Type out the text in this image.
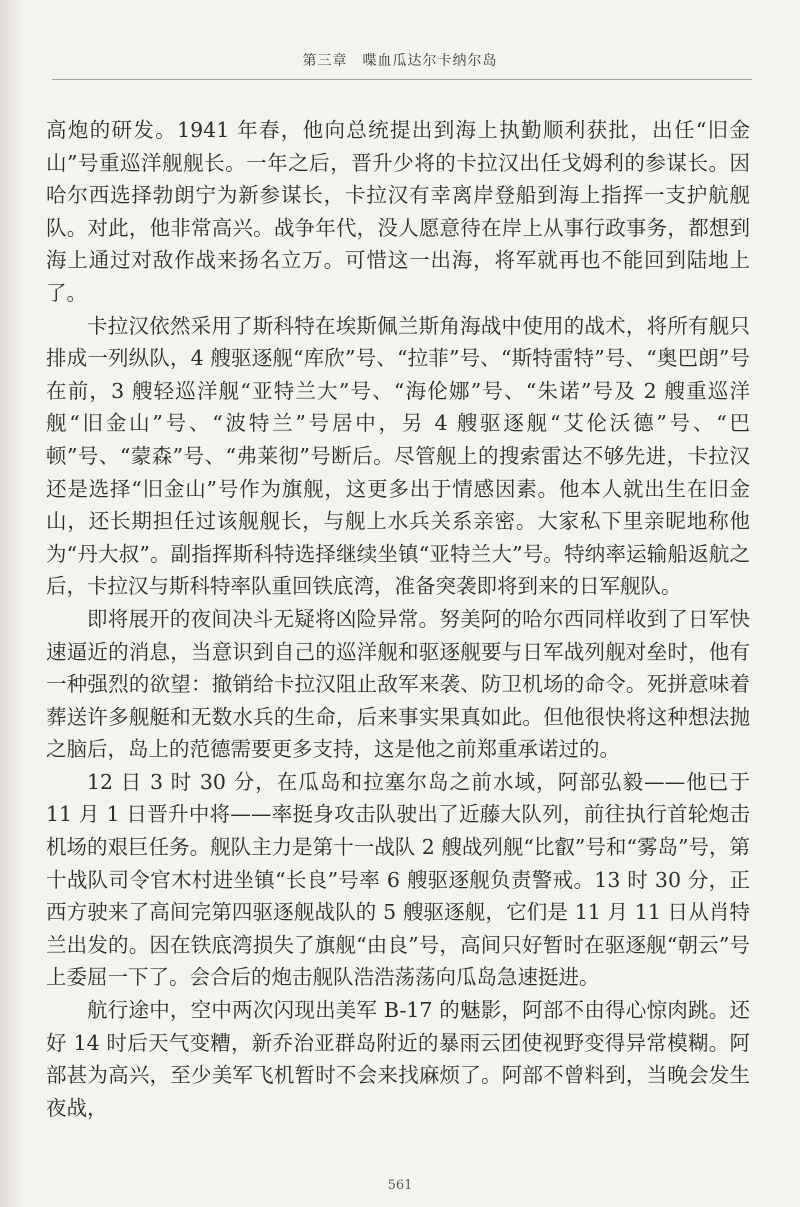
第三章　喋血瓜达尔卡纳尔岛

高炮的研发。1941 年春，他向总统提出到海上执勤顺利获批，出任“旧金山”号重巡洋舰舰长。一年之后，晋升少将的卡拉汉出任戈姆利的参谋长。因哈尔西选择勃朗宁为新参谋长，卡拉汉有幸离岸登船到海上指挥一支护航舰队。对此，他非常高兴。战争年代，没人愿意待在岸上从事行政事务，都想到海上通过对敌作战来扬名立万。可惜这一出海，将军就再也不能回到陆地上了。

卡拉汉依然采用了斯科特在埃斯佩兰斯角海战中使用的战术，将所有舰只排成一列纵队，4 艘驱逐舰“库欣”号、“拉菲”号、“斯特雷特”号、“奥巴朗”号在前，3 艘轻巡洋舰“亚特兰大”号、“海伦娜”号、“朱诺”号及 2 艘重巡洋舰“旧金山”号、“波特兰”号居中，另 4 艘驱逐舰“艾伦沃德”号、“巴顿”号、“蒙森”号、“弗莱彻”号断后。尽管舰上的搜索雷达不够先进，卡拉汉还是选择“旧金山”号作为旗舰，这更多出于情感因素。他本人就出生在旧金山，还长期担任过该舰舰长，与舰上水兵关系亲密。大家私下里亲昵地称他为“丹大叔”。副指挥斯科特选择继续坐镇“亚特兰大”号。特纳率运输船返航之后，卡拉汉与斯科特率队重回铁底湾，准备突袭即将到来的日军舰队。

即将展开的夜间决斗无疑将凶险异常。努美阿的哈尔西同样收到了日军快速逼近的消息，当意识到自己的巡洋舰和驱逐舰要与日军战列舰对垒时，他有一种强烈的欲望：撤销给卡拉汉阻止敌军来袭、防卫机场的命令。死拼意味着葬送许多舰艇和无数水兵的生命，后来事实果真如此。但他很快将这种想法抛之脑后，岛上的范德需要更多支持，这是他之前郑重承诺过的。

12 日 3 时 30 分，在瓜岛和拉塞尔岛之前水域，阿部弘毅——他已于 11 月 1 日晋升中将——率挺身攻击队驶出了近藤大队列，前往执行首轮炮击机场的艰巨任务。舰队主力是第十一战队 2 艘战列舰“比叡”号和“雾岛”号，第十战队司令官木村进坐镇“长良”号率 6 艘驱逐舰负责警戒。13 时 30 分，正西方驶来了高间完第四驱逐舰战队的 5 艘驱逐舰，它们是 11 月 11 日从肖特兰出发的。因在铁底湾损失了旗舰“由良”号，高间只好暂时在驱逐舰“朝云”号上委屈一下了。会合后的炮击舰队浩浩荡荡向瓜岛急速挺进。

航行途中，空中两次闪现出美军 B-17 的魅影，阿部不由得心惊肉跳。还好 14 时后天气变糟，新乔治亚群岛附近的暴雨云团使视野变得异常模糊。阿部甚为高兴，至少美军飞机暂时不会来找麻烦了。阿部不曾料到，当晚会发生夜战，

561
